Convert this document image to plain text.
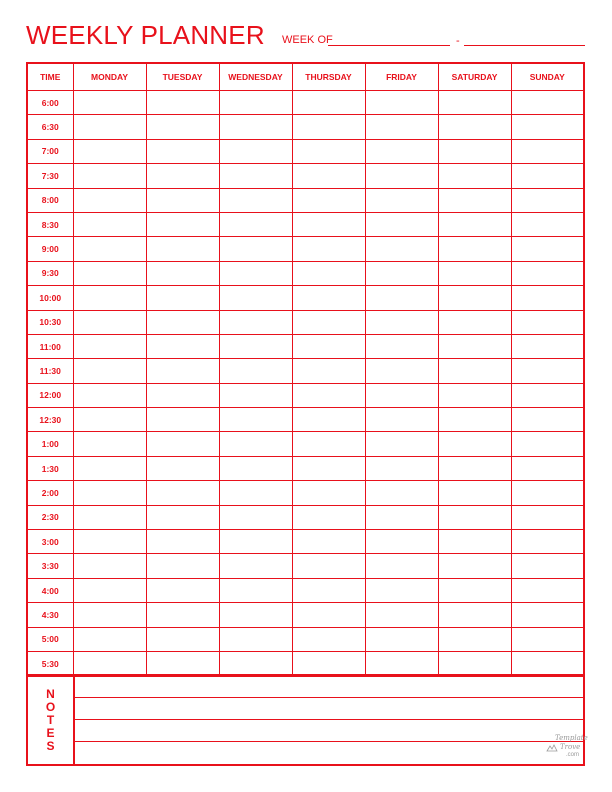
WEEKLY PLANNER WEEK OF	-
TIME	MONDAY	TUESDAY	WEDNESDAY	THURSDAY	FRIDAY	SATURDAY	SUNDAY
6:00							
6:30							
7:00							
7:30							
8:00							
8:30							
9:00							
9:30							
10:00							
10:30							
11:00							
11:30							
12:00							
12:30							
1:00							
1:30							
2:00							
2:30							
3:00							
3:30							
4:00							
4:30							
5:00							
5:30							
N
O
T
E
S
Template
Trove
.com
